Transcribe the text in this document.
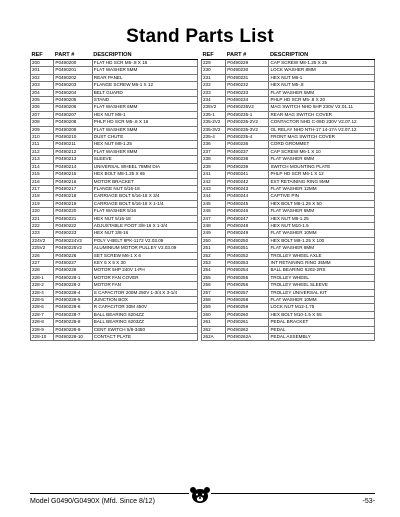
Stand Parts List
REF	PART #	DESCRIPTION
200	P0490200	FLAT HD SCR M5-.8 X 16
201	P0490201	FLAT WASHER 5MM
202	P0490202	REAR PANEL
203	P0490203	FLANGE SCREW M6-1 X 12
204	P0490204	BELT GUARD
205	P0490205	STAND
206	P0490206	FLAT WASHER 6MM
207	P0490207	HEX NUT M6-1
208	P0490208	PHLP HD SCR M5-.8 X 16
209	P0490209	FLAT WASHER 5MM
210	P0490210	DUST CHUTE
211	P0490211	HEX NUT M8-1.25
212	P0490212	FLAT WASHER 8MM
213	P0490213	SLEEVE
214	P0490214	UNIVERSAL WHEEL 78MM DIA
215	P0490215	HEX BOLT M8-1.25 X 65
216	P0490216	MOTOR BRACKET
217	P0490217	FLANGE NUT 5/16-18
218	P0490218	CARRIAGE BOLT 5/16-18 X 3/4
219	P0490219	CARRIAGE BOLT 5/16-18 X 1-1/4
220	P0490220	FLAT WASHER 5/16
221	P0490221	HEX NUT 5/16-18
222	P0490222	ADJUSTABLE FOOT 3/8-16 X 1-3/4
223	P0490223	HEX NUT 3/8-16
224V2	P0490224V2	POLY V-BELT 8PK-1172 V2.03.09
225V2	P0490225V2	ALUMINIUM MOTOR PULLEY V2.03.09
226	P0490226	SET SCREW M6-1 X 6
227	P0490227	KEY 5 X 5 X 30
228	P0490228	MOTOR 5HP 240V 1-PH
228-1	P0490228-1	MOTOR FAN COVER
228-2	P0490228-2	MOTOR FAN
228-4	P0490228-4	S CAPACITOR 200M 250V 1-3/4 X 3-1/4
228-5	P0490228-5	JUNCTION BOX
228-6	P0490228-6	R CAPACITOR 30M 450V
228-7	P0490228-7	BALL BEARING 6204ZZ
228-8	P0490228-8	BALL BEARING 6203ZZ
228-9	P0490228-9	CENT SWITCH 5/8-3450
228-10	P0490228-10	CONTACT PLATE
REF	PART #	DESCRIPTION
229	P0490229	CAP SCREW M8-1.25 X 25
230	P0490230	LOCK WASHER 8MM
231	P0490231	HEX NUT M6-1
232	P0490232	HEX NUT M5-.8
233	P0490233	FLAT WASHER 5MM
234	P0490234	PHLP HD SCR M5-.8 X 20
235V2	P0490235V2	MAG SWITCH NHD 5HP 230V V2.01.11
235-1	P0490235-1	REAR MAG SWITCH COVER
235-2V2	P0490235-2V2	CONTACTOR NHD C-09D 230V V2.07.12
235-3V2	P0490235-3V2	OL RELAY NHD NTH-17 14-17A V2.07.12
235-4	P0490235-4	FRONT MAG SWITCH COVER
236	P0490236	CORD GROMMET
237	P0490237	CAP SCREW M6-1 X 10
238	P0490238	FLAT WASHER 6MM
239	P0490239	SWITCH MOUNTING PLATE
241	P0490241	PHLP HD SCR M6-1 X 12
242	P0490242	EXT RETAINING RING 9MM
243	P0490243	FLAT WASHER 12MM
244	P0490244	CAPTIVE PIN
245	P0490245	HEX BOLT M8-1.25 X 50
246	P0490246	FLAT WASHER 8MM
247	P0490247	HEX NUT M8-1.25
248	P0490248	HEX NUT M10-1.5
249	P0490249	FLAT WASHER 10MM
250	P0490250	HEX BOLT M8-1.25 X 100
251	P0490251	FLAT WASHER 8MM
252	P0490252	TROLLEY WHEEL AXLE
253	P0490253	INT RETAINING RING 35MM
254	P0490254	BALL BEARING 6202-2RS
255	P0490255	TROLLEY WHEEL
256	P0490256	TROLLEY WHEEL SLEEVE
257	P0490257	TROLLEY UNIVERSAL KIT
258	P0490258	FLAT WASHER 10MM
259	P0490259	LOCK NUT M12-1.75
260	P0490260	HEX BOLT M10-1.5 X 55
261	P0490261	PEDAL BRACKET
262	P0490262	PEDAL
262A	P0490262A	PEDAL ASSEMBLY
Model G0490/G0490X (Mfd. Since 8/12)	-53-
